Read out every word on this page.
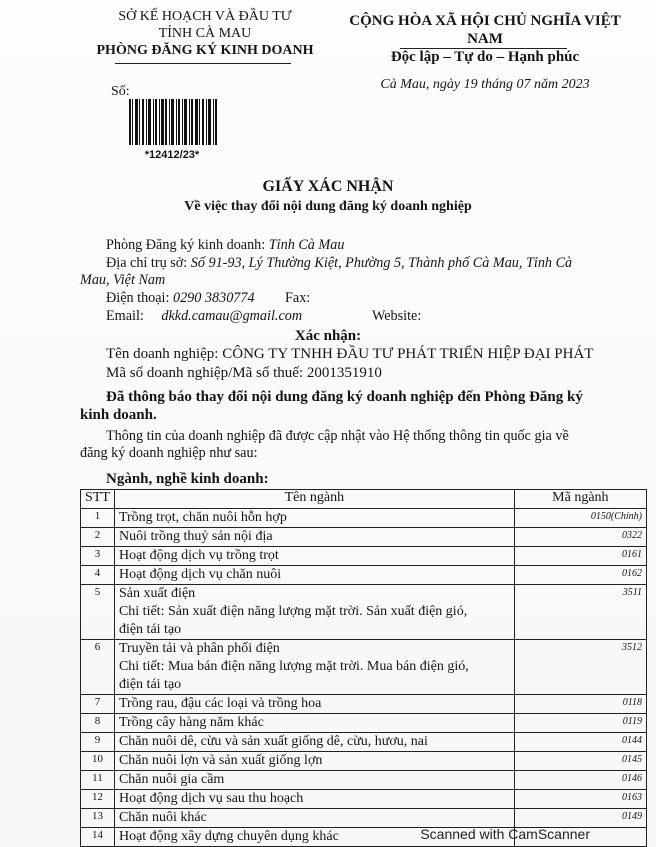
SỞ KẾ HOẠCH VÀ ĐẦU TƯ
TỈNH CÀ MAU
PHÒNG ĐĂNG KÝ KINH DOANH
CỘNG HÒA XÃ HỘI CHỦ NGHĨA VIỆT NAM
Độc lập – Tự do – Hạnh phúc
Cà Mau, ngày 19 tháng 07 năm 2023
Số:
*12412/23*
GIẤY XÁC NHẬN
Về việc thay đổi nội dung đăng ký doanh nghiệp
Phòng Đăng ký kinh doanh: Tỉnh Cà Mau
Địa chỉ trụ sở: Số 91-93, Lý Thường Kiệt, Phường 5, Thành phố Cà Mau, Tỉnh Cà
Mau, Việt Nam
Điện thoại: 0290 3830774 Fax:
Email: dkkd.camau@gmail.com	Website:
Xác nhận:
Tên doanh nghiệp: CÔNG TY TNHH ĐẦU TƯ PHÁT TRIỂN HIỆP ĐẠI PHÁT
Mã số doanh nghiệp/Mã số thuế: 2001351910
Đã thông báo thay đổi nội dung đăng ký doanh nghiệp đến Phòng Đăng ký
kinh doanh.
Thông tin của doanh nghiệp đã được cập nhật vào Hệ thống thông tin quốc gia về
đăng ký doanh nghiệp như sau:
Ngành, nghề kinh doanh:
STT	Tên ngành	Mã ngành
1	Trồng trọt, chăn nuôi hỗn hợp	0150(Chính)
2	Nuôi trồng thuỷ sản nội địa	0322
3	Hoạt động dịch vụ trồng trọt	0161
4	Hoạt động dịch vụ chăn nuôi	0162
5	Sản xuất điện
Chi tiết: Sản xuất điện năng lượng mặt trời. Sản xuất điện gió,
điện tái tạo	3511
6	Truyền tải và phân phối điện
Chi tiết: Mua bán điện năng lượng mặt trời. Mua bán điện gió,
điện tái tạo	3512
7	Trồng rau, đậu các loại và trồng hoa	0118
8	Trồng cây hàng năm khác	0119
9	Chăn nuôi dê, cừu và sản xuất giống dê, cừu, hươu, nai	0144
10	Chăn nuôi lợn và sản xuất giống lợn	0145
11	Chăn nuôi gia cầm	0146
12	Hoạt động dịch vụ sau thu hoạch	0163
13	Chăn nuôi khác	0149
14	Hoạt động xây dựng chuyên dụng khác		Scanned with CamScanner
